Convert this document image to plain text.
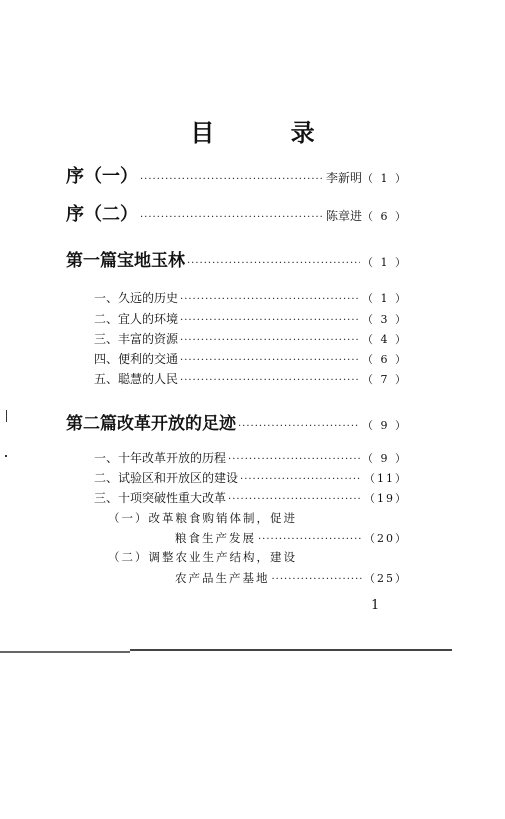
目 录
序（一） ·····	李新明 （ 1 ）
序（二） ·····	陈章进 （ 6 ）
第一篇 宝地玉林 ·····	（ 1 ）
一、久远的历史 ·····	（ 1 ）
二、宜人的环境 ·····	（ 3 ）
三、丰富的资源 ·····	（ 4 ）
四、便利的交通 ·····	（ 6 ）
五、聪慧的人民 ·····	（ 7 ）
第二篇 改革开放的足迹 ·····	（ 9 ）
一、十年改革开放的历程 ·····	（ 9 ）
二、试验区和开放区的建设 ·····	（11）
三、十项突破性重大改革 ·····	（19）
（一）改革粮食购销体制，促进
粮食生产发展 ·····	（20）
（二）调整农业生产结构，建设
农产品生产基地 ·····	（25）
1
